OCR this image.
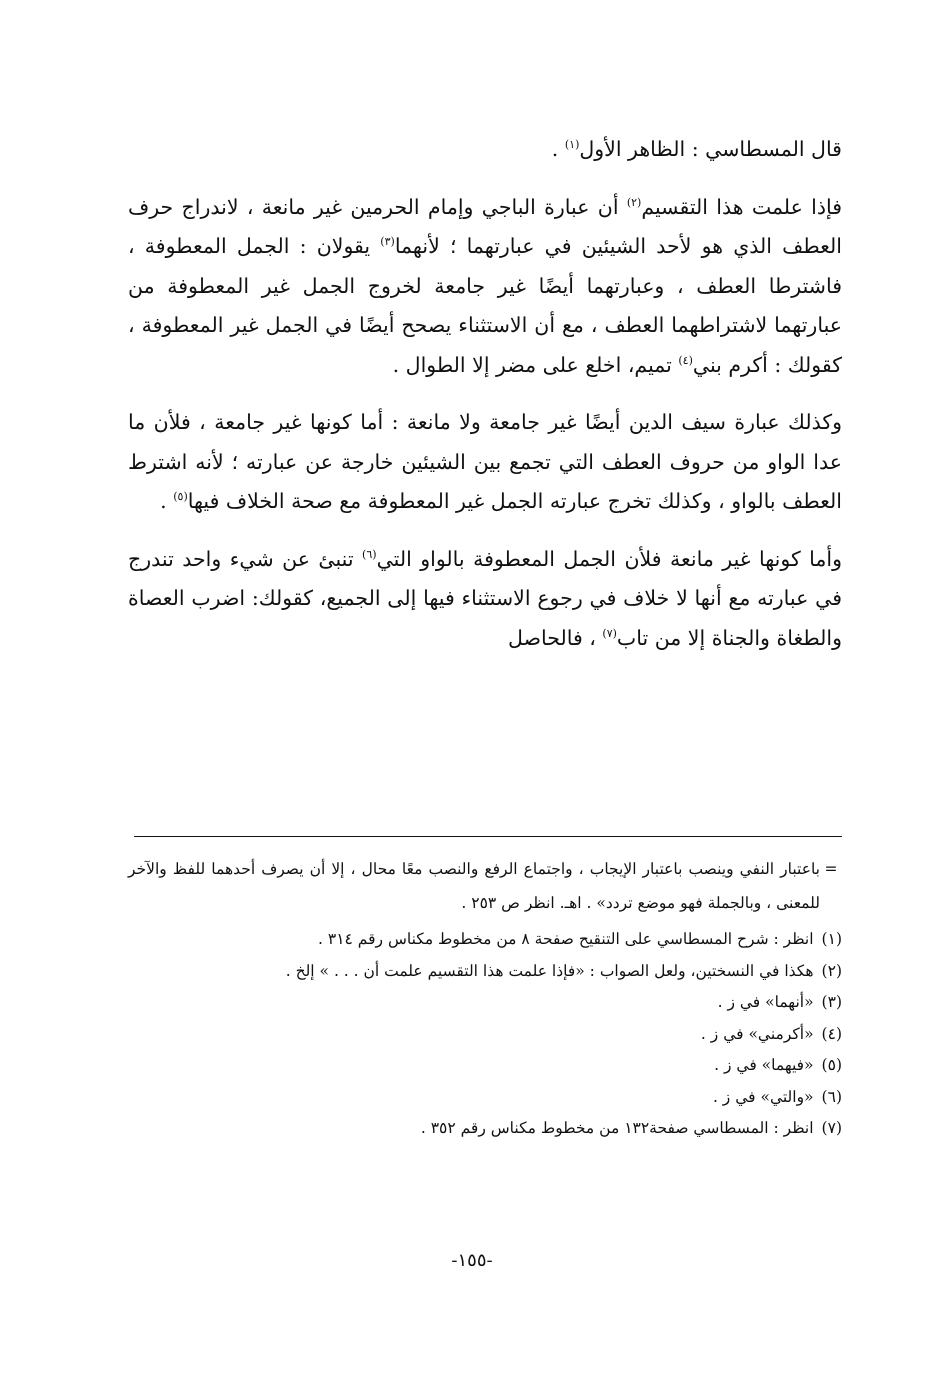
قال المسطاسي : الظاهر الأول$^{(١)}$ .

فإذا علمت هذا التقسيم$^{(٢)}$ أن عبارة الباجي وإمام الحرمين غير مانعة ، لاندراج حرف العطف الذي هو لأحد الشيئين في عبارتهما ؛ لأنهما$^{(٣)}$ يقولان : الجمل المعطوفة ، فاشترطا العطف ، وعبارتهما أيضًا غير جامعة لخروج الجمل غير المعطوفة من عبارتهما لاشتراطهما العطف ، مع أن الاستثناء يصحح أيضًا في الجمل غير المعطوفة ، كقولك : أكرم بني$^{(٤)}$ تميم، اخلع على مضر إلا الطوال .

وكذلك عبارة سيف الدين أيضًا غير جامعة ولا مانعة : أما كونها غير جامعة ، فلأن ما عدا الواو من حروف العطف التي تجمع بين الشيئين خارجة عن عبارته ؛ لأنه اشترط العطف بالواو ، وكذلك تخرج عبارته الجمل غير المعطوفة مع صحة الخلاف فيها$^{(٥)}$ .

وأما كونها غير مانعة فلأن الجمل المعطوفة بالواو التي$^{(٦)}$ تنبئ عن شيء واحد تندرج في عبارته مع أنها لا خلاف في رجوع الاستثناء فيها إلى الجميع، كقولك: اضرب العصاة والطغاة والجناة إلا من تاب$^{(٧)}$ ، فالحاصل

=
باعتبار النفي وينصب باعتبار الإيجاب ، واجتماع الرفع والنصب معًا محال ، إلا أن يصرف أحدهما للفظ والآخر للمعنى ، وبالجملة فهو موضع تردد» . اهـ. انظر ص ٢٥٣ .
(١)
انظر : شرح المسطاسي على التنقيح صفحة ٨ من مخطوط مكناس رقم ٣١٤ .
(٢)
هكذا في النسختين، ولعل الصواب : «فإذا علمت هذا التقسيم علمت أن . . . » إلخ .
(٣)
«أنهما» في ز .
(٤)
«أكرمني» في ز .
(٥)
«فيهما» في ز .
(٦)
«والتي» في ز .
(٧)
انظر : المسطاسي صفحة١٣٢ من مخطوط مكناس رقم ٣٥٢ .
-١٥٥-
